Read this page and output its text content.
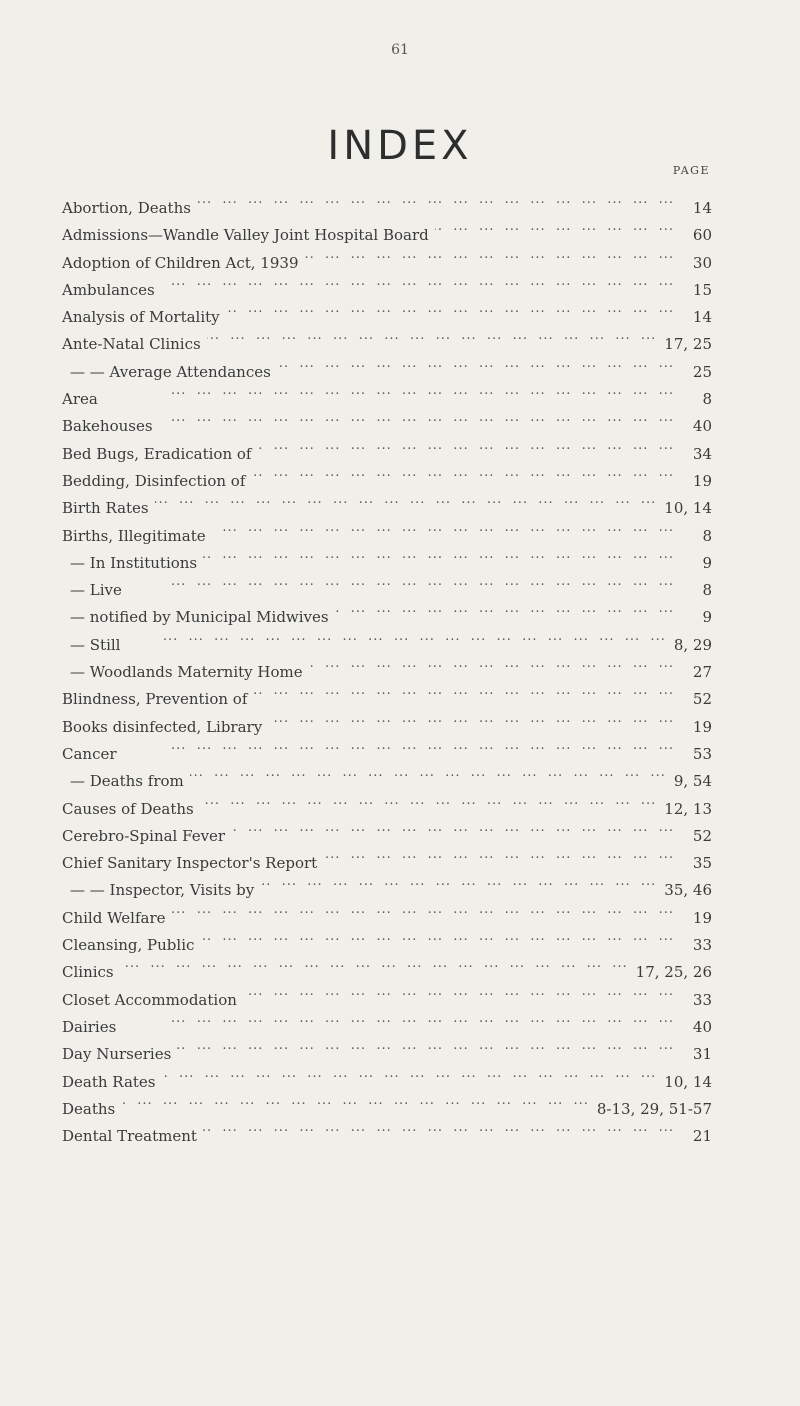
61
INDEX
PAGE
Abortion, Deaths ...	14
Admissions—Wandle Valley Joint Hospital Board ...	60
Adoption of Children Act, 1939 ...	30
Ambulances ...	15
Analysis of Mortality ...	14
Ante-Natal Clinics ...	17, 25
— — Average Attendances ...	25
Area ...	8
Bakehouses ...	40
Bed Bugs, Eradication of ...	34
Bedding, Disinfection of ...	19
Birth Rates ...	10, 14
Births, Illegitimate ...	8
— In Institutions ...	9
— Live ...	8
— notified by Municipal Midwives ...	9
— Still ...	8, 29
— Woodlands Maternity Home ...	27
Blindness, Prevention of ...	52
Books disinfected, Library ...	19
Cancer ...	53
— Deaths from ...	9, 54
Causes of Deaths ...	12, 13
Cerebro-Spinal Fever ...	52
Chief Sanitary Inspector's Report ...	35
— — Inspector, Visits by ...	35, 46
Child Welfare ...	19
Cleansing, Public ...	33
Clinics ...	17, 25, 26
Closet Accommodation ...	33
Dairies ...	40
Day Nurseries ...	31
Death Rates ...	10, 14
Deaths ...	8-13, 29, 51-57
Dental Treatment ...	21
